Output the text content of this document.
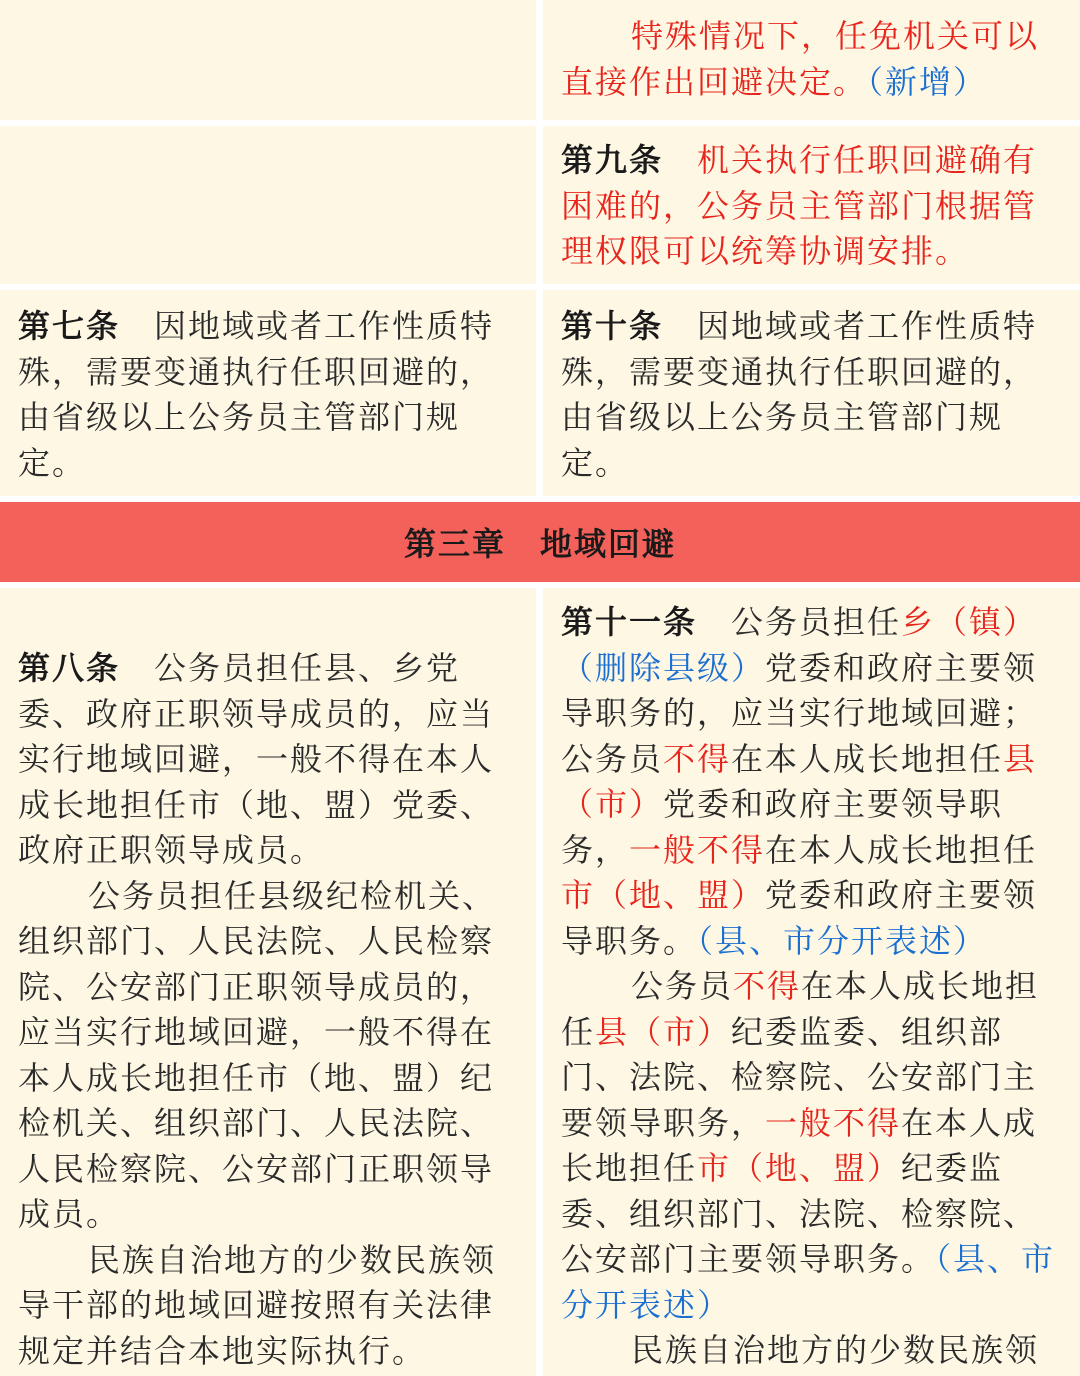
特殊情况下，任免机关可以直接作出回避决定。（新增）

第九条　 机关执行任职回避确有困难的，公务员主管部门根据管理权限可以统筹协调安排。

第七条　 因地域或者工作性质特殊，需要变通执行任职回避的，由省级以上公务员主管部门规定。

第十条　 因地域或者工作性质特殊，需要变通执行任职回避的，由省级以上公务员主管部门规定。

第三章　地域回避

第八条　 公务员担任县、乡党委、政府正职领导成员的，应当实行地域回避，一般不得在本人成长地担任市（地、盟）党委、政府正职领导成员。

公务员担任县级纪检机关、组织部门、人民法院、人民检察院、公安部门正职领导成员的，应当实行地域回避，一般不得在本人成长地担任市（地、盟）纪检机关、组织部门、人民法院、人民检察院、公安部门正职领导成员。

民族自治地方的少数民族领导干部的地域回避按照有关法律规定并结合本地实际执行。

第十一条　 公务员担任乡（镇）（删除县级）党委和政府主要领导职务的，应当实行地域回避；公务员不得在本人成长地担任县（市）党委和政府主要领导职务，一般不得在本人成长地担任市（地、盟）党委和政府主要领导职务。（县、市分开表述）

公务员不得在本人成长地担任县（市）纪委监委、组织部门、法院、检察院、公安部门主要领导职务，一般不得在本人成长地担任市（地、盟）纪委监委、组织部门、法院、检察院、公安部门主要领导职务。（县、市分开表述）

民族自治地方的少数民族领
